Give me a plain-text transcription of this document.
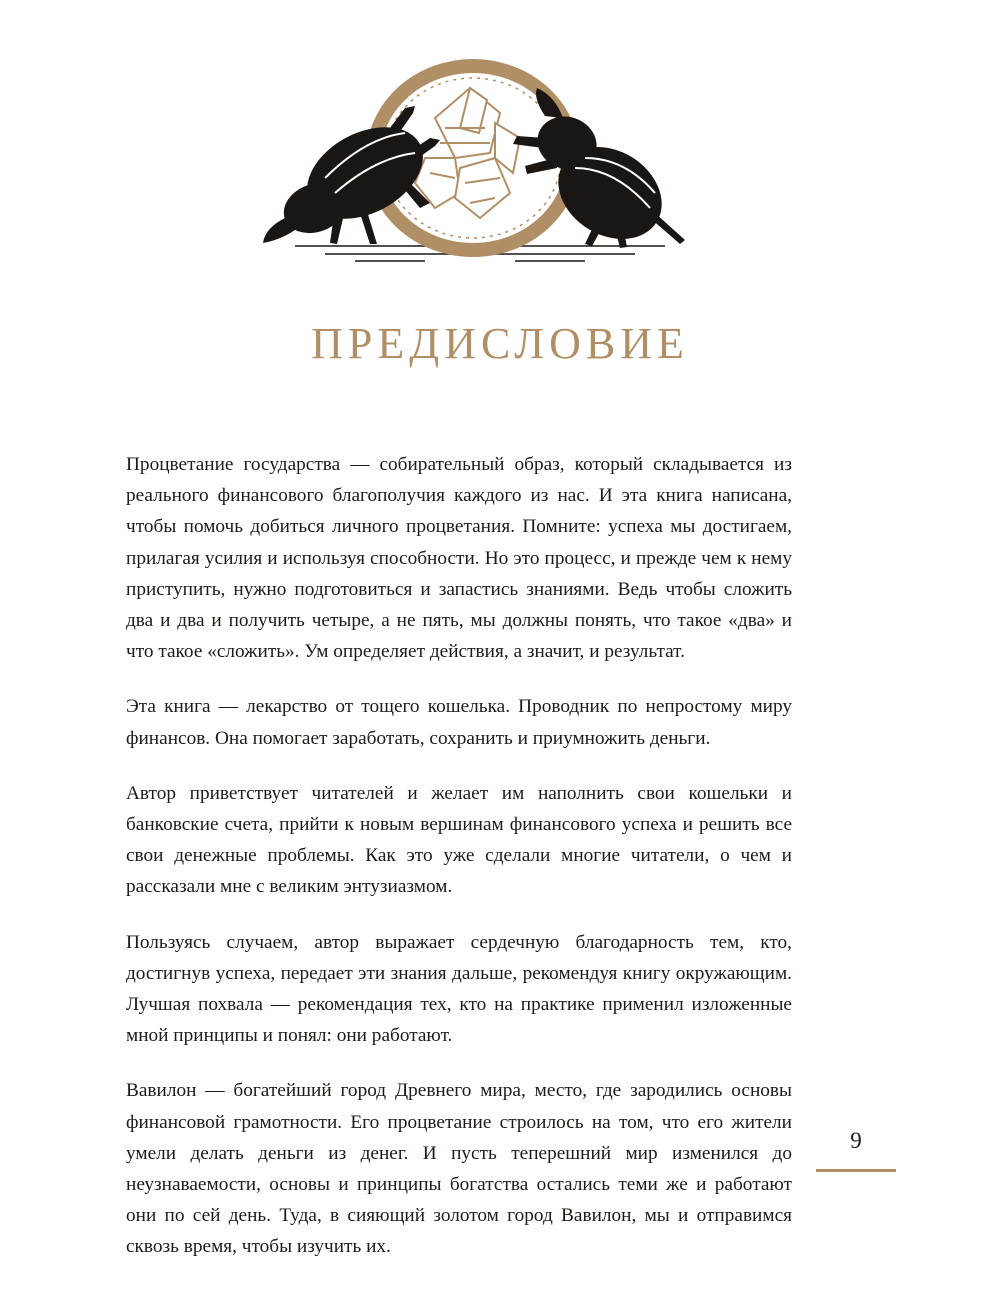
ПРЕДИСЛОВИЕ

Процветание государства — собирательный образ, который складывается из реального финансового благополучия каждого из нас. И эта книга написана, чтобы помочь добиться личного процветания. Помните: успеха мы достигаем, прилагая усилия и используя способности. Но это процесс, и прежде чем к нему приступить, нужно подготовиться и запастись знаниями. Ведь чтобы сложить два и два и получить четыре, а не пять, мы должны понять, что такое «два» и что такое «сложить». Ум определяет действия, а значит, и результат.

Эта книга — лекарство от тощего кошелька. Проводник по непростому миру финансов. Она помогает заработать, сохранить и приумножить деньги.

Автор приветствует читателей и желает им наполнить свои кошельки и банковские счета, прийти к новым вершинам финансового успеха и решить все свои денежные проблемы. Как это уже сделали многие читатели, о чем и рассказали мне с великим энтузиазмом.

Пользуясь случаем, автор выражает сердечную благодарность тем, кто, достигнув успеха, передает эти знания дальше, рекомендуя книгу окружающим. Лучшая похвала — рекомендация тех, кто на практике применил изложенные мной принципы и понял: они работают.

Вавилон — богатейший город Древнего мира, место, где зародились основы финансовой грамотности. Его процветание строилось на том, что его жители умели делать деньги из денег. И пусть теперешний мир изменился до неузнаваемости, основы и принципы богатства остались теми же и работают они по сей день. Туда, в сияющий золотом город Вавилон, мы и отправимся сквозь время, чтобы изучить их.

9
